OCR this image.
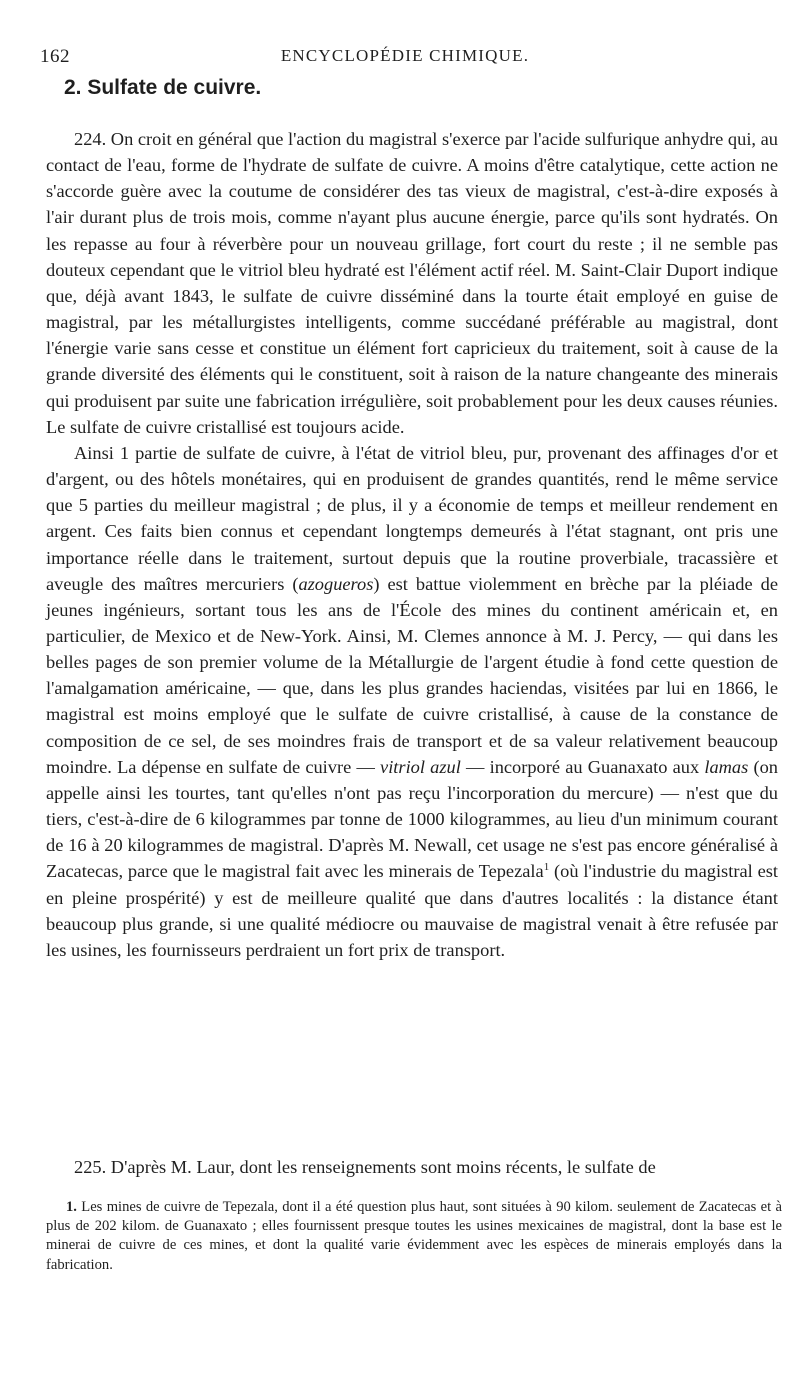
162	ENCYCLOPÉDIE CHIMIQUE.
2. Sulfate de cuivre.

224. On croit en général que l'action du magistral s'exerce par l'acide sulfurique anhydre qui, au contact de l'eau, forme de l'hydrate de sulfate de cuivre. A moins d'être catalytique, cette action ne s'accorde guère avec la coutume de considérer des tas vieux de magistral, c'est-à-dire exposés à l'air durant plus de trois mois, comme n'ayant plus aucune énergie, parce qu'ils sont hydratés. On les repasse au four à réverbère pour un nouveau grillage, fort court du reste ; il ne semble pas douteux cependant que le vitriol bleu hydraté est l'élément actif réel. M. Saint-Clair Duport indique que, déjà avant 1843, le sulfate de cuivre disséminé dans la tourte était employé en guise de magistral, par les métallurgistes intelligents, comme succédané préférable au magistral, dont l'énergie varie sans cesse et constitue un élément fort capricieux du traitement, soit à cause de la grande diversité des éléments qui le constituent, soit à raison de la nature changeante des minerais qui produisent par suite une fabrication irrégulière, soit probablement pour les deux causes réunies. Le sulfate de cuivre cristallisé est toujours acide.

Ainsi 1 partie de sulfate de cuivre, à l'état de vitriol bleu, pur, provenant des affinages d'or et d'argent, ou des hôtels monétaires, qui en produisent de grandes quantités, rend le même service que 5 parties du meilleur magistral ; de plus, il y a économie de temps et meilleur rendement en argent. Ces faits bien connus et cependant longtemps demeurés à l'état stagnant, ont pris une importance réelle dans le traitement, surtout depuis que la routine proverbiale, tracassière et aveugle des maîtres mercuriers (azogueros) est battue violemment en brèche par la pléiade de jeunes ingénieurs, sortant tous les ans de l'École des mines du continent américain et, en particulier, de Mexico et de New-York. Ainsi, M. Clemes annonce à M. J. Percy, — qui dans les belles pages de son premier volume de la Métallurgie de l'argent étudie à fond cette question de l'amalgamation américaine, — que, dans les plus grandes haciendas, visitées par lui en 1866, le magistral est moins employé que le sulfate de cuivre cristallisé, à cause de la constance de composition de ce sel, de ses moindres frais de transport et de sa valeur relativement beaucoup moindre. La dépense en sulfate de cuivre — vitriol azul — incorporé au Guanaxato aux lamas (on appelle ainsi les tourtes, tant qu'elles n'ont pas reçu l'incorporation du mercure) — n'est que du tiers, c'est-à-dire de 6 kilogrammes par tonne de 1000 kilogrammes, au lieu d'un minimum courant de 16 à 20 kilogrammes de magistral. D'après M. Newall, cet usage ne s'est pas encore généralisé à Zacatecas, parce que le magistral fait avec les minerais de Tepezala$^1$ (où l'industrie du magistral est en pleine prospérité) y est de meilleure qualité que dans d'autres localités : la distance étant beaucoup plus grande, si une qualité médiocre ou mauvaise de magistral venait à être refusée par les usines, les fournisseurs perdraient un fort prix de transport.

225. D'après M. Laur, dont les renseignements sont moins récents, le sulfate de

1. Les mines de cuivre de Tepezala, dont il a été question plus haut, sont situées à 90 kilom. seulement de Zacatecas et à plus de 202 kilom. de Guanaxato ; elles fournissent presque toutes les usines mexicaines de magistral, dont la base est le minerai de cuivre de ces mines, et dont la qualité varie évidemment avec les espèces de minerais employés dans la fabrication.
